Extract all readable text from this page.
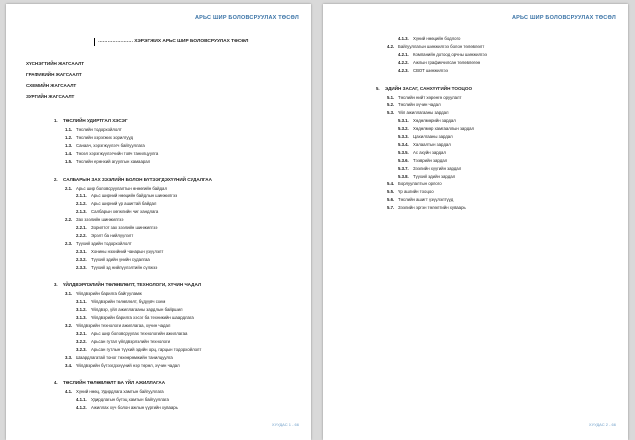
АРЬС ШИР БОЛОВСРУУЛАХ ТӨСӨЛ
…………………. ХЭРЭГЖИХ АРЬС ШИР БОЛОВСРУУЛАХ ТӨСӨЛ
ХҮСНЭГТИЙН ЖАГСААЛТ
ГРАФИКИЙН ЖАГСААЛТ
СХЕМИЙН ЖАГСААЛТ
ЗУРГИЙН ЖАГСААЛТ
1. ТӨСЛИЙН УДИРТГАЛ ХЭСЭГ
1.1. Төслийн тодорхойлолт
1.2. Төслийн хэрэгжих зорилгууд
1.3. Санаач, хэрэгжүүлэгч байгууллага
1.4. Төсөл хэрэгжүүлэгчийн товч танилцуулга
1.5. Төслийн ерөнхий агуулгын хамаарал
2. САЛБАРЫН ЗАХ ЗЭЭЛИЙН БОЛОН БҮТЭЭГДЭХҮҮНИЙ СУДАЛГАА
2.1. Арьс шир боловсруулалтын өнөөгийн байдал
2.1.1. Арьс ширний нөөцийн байдлын шинжилгээ
2.1.2. Арьс ширний үр ашигтай байдал
2.1.3. Салбарын хөгжлийн чиг хандлага
2.2. Зах зээлийн шинжилгээ
2.2.1. Зорилтот зах зээлийн шинжилгээ
2.2.2. Эрэлт ба нийлүүлэлт
2.3. Түүхий эдийн тодорхойлолт
2.3.1. Хонины нэхийний чанарын үзүүлэлт
2.3.2. Түүхий эдийн үнийн судалгаа
2.3.3. Түүхий эд нийлүүлэлтийн сүлжээ
3. ҮЙЛДВЭРЛЭЛИЙН ТӨЛӨВЛӨЛТ, ТЕХНОЛОГИ, ХҮЧИН ЧАДАЛ
3.1. Үйлдвэрийн барилга байгууламж
3.1.1. Үйлдвэрийн төлөвлөлт, бүдүүвч схем
3.1.2. Үйлдвэр, үйл ажиллагааны зардлын байршил
3.1.3. Үйлдвэрийн барилга хэсэг ба техникийн шаардлага
3.2. Үйлдвэрийн технологи ажиллагаа, хүчин чадал
3.2.1. Арьс шир боловсруулах технологийн ажиллагаа
3.2.2. Арьсан гутал үйлдвэрлэлийн технологи
3.2.3. Арьсан гутлын түүхий эдийн орц, гарцын тодорхойлолт
3.3. Шаардлагатай тоног төхөөрөмжийн танилцуулга
3.4. Үйлдвэрийн бүтээгдэхүүний нэр төрөл, хүчин чадал
4. ТӨСЛИЙН ТӨЛӨВЛӨЛТ БА ҮЙЛ АЖИЛЛАГАА
4.1. Хүний нөөц, Удирдлага хамтын байгууллага
4.1.1. Удирдлагын бүтэц хамтын байгууллага
4.1.2. Ажиллах хүч болон ажлын үүргийн хуваарь
ХУУДАС 1 - 66
АРЬС ШИР БОЛОВСРУУЛАХ ТӨСӨЛ
4.1.3. Хүний нөөцийн бодлого
4.2. Байгууллагын шинжилгээ болон төлөвлөлт
4.2.1. Компанийн дотоод орчны шинжилгээ
4.2.2. Ажлын графикчилсан төлөвлөгөө
4.2.3. СВОТ шинжилгээ
5. ЭДИЙН ЗАСАГ, САНХҮҮГИЙН ТООЦОО
5.1. Төслийн нийт хөрөнгө оруулалт
5.2. Төслийн хүчин чадал
5.3. Үйл ажиллагааны зардал
5.3.1. Хөдөлмөрийн зардал
5.3.2. Хөдөлмөр хамгааллын зардал
5.3.3. Цахилгааны зардал
5.3.4. Халаалтын зардал
5.3.5. Ас ахуйн зардал
5.3.6. Тээврийн зардал
5.3.7. Зээлийн хүүгийн зардал
5.3.8. Түүхий эдийн зардал
5.4. Борлуулалтын орлого
5.5. Үр ашгийн тооцоо
5.6. Төслийн ашигт үзүүлэлтүүд
5.7. Зээлийн эргэн төлөлтийн хуваарь
ХУУДАС 2 - 66
